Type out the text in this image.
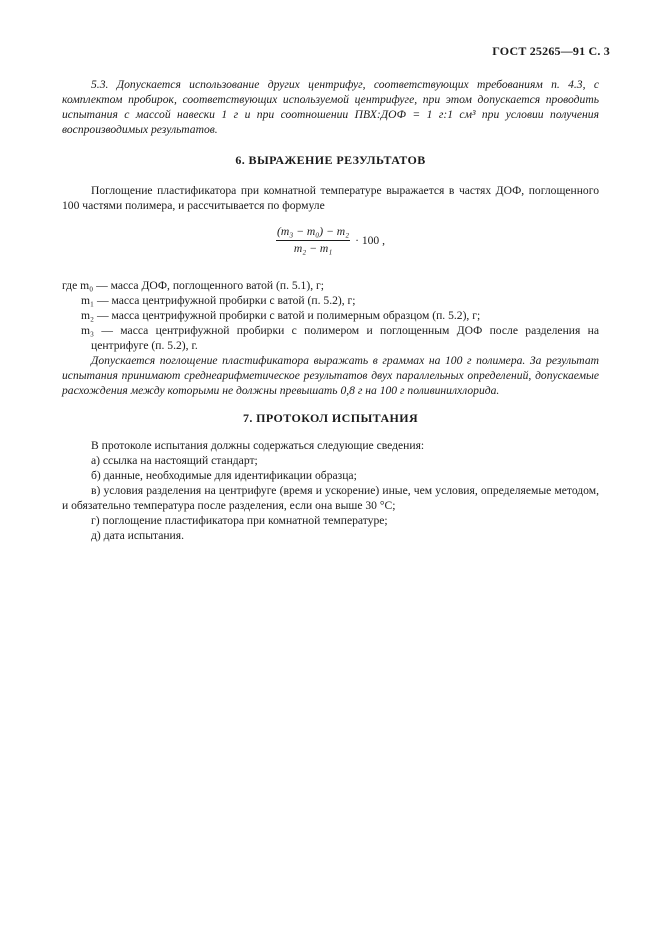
ГОСТ 25265—91 С. 3

5.3. Допускается использование других центрифуг, соответствующих требованиям п. 4.3, с комплектом пробирок, соответствующих используемой центрифуге, при этом допускается проводить испытания с массой навески 1 г и при соотношении ПВХ:ДОФ = 1 г:1 см³ при условии получения воспроизводимых результатов.

6. ВЫРАЖЕНИЕ РЕЗУЛЬТАТОВ

Поглощение пластификатора при комнатной температуре выражается в частях ДОФ, поглощенного 100 частями полимера, и рассчитывается по формуле

$\frac{\text{(m₃ − m₀) − m₂}}{\text{m₂ − m₁}} \cdot 100$ ,

где m₀ — масса ДОФ, поглощенного ватой (п. 5.1), г;

m₁ — масса центрифужной пробирки с ватой (п. 5.2), г;

m₂ — масса центрифужной пробирки с ватой и полимерным образцом (п. 5.2), г;

m₃ — масса центрифужной пробирки с полимером и поглощенным ДОФ после разделения на центрифуге (п. 5.2), г.

Допускается поглощение пластификатора выражать в граммах на 100 г полимера. За результат испытания принимают среднеарифметическое результатов двух параллельных определений, допускаемые расхождения между которыми не должны превышать 0,8 г на 100 г поливинилхлорида.

7. ПРОТОКОЛ ИСПЫТАНИЯ

В протоколе испытания должны содержаться следующие сведения:

а) ссылка на настоящий стандарт;

б) данные, необходимые для идентификации образца;

в) условия разделения на центрифуге (время и ускорение) иные, чем условия, определяемые методом, и обязательно температура после разделения, если она выше 30 °С;

г) поглощение пластификатора при комнатной температуре;

д) дата испытания.
